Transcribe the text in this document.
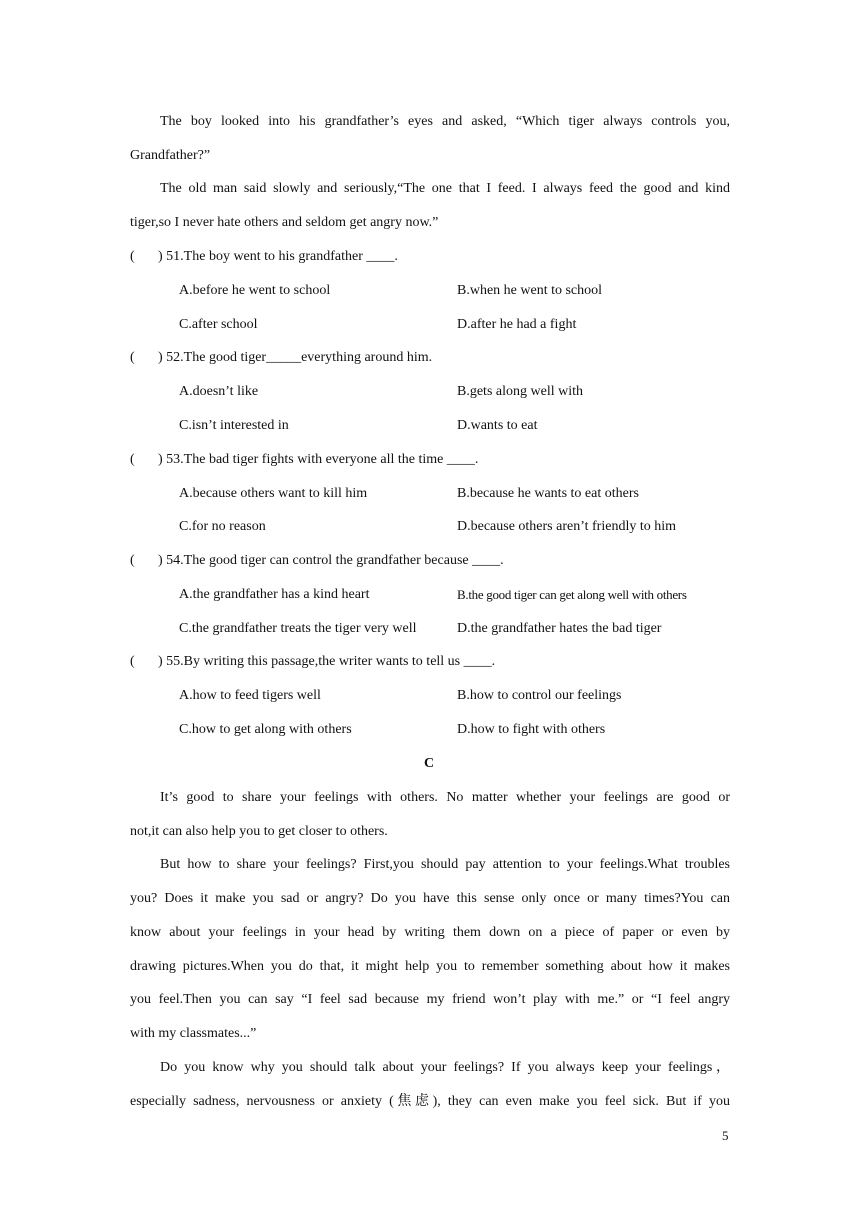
The boy looked into his grandfather’s eyes and asked, “Which tiger always controls you,
Grandfather?”
The old man said slowly and seriously,“The one that I feed. I always feed the good and kind
tiger,so I never hate others and seldom get angry now.”
( ) 51.The boy went to his grandfather ____.
A.before he went to school	B.when he went to school
C.after school	D.after he had a fight
( ) 52.The good tiger_____everything around him.
A.doesn’t like	B.gets along well with
C.isn’t interested in	D.wants to eat
( ) 53.The bad tiger fights with everyone all the time ____.
A.because others want to kill him	B.because he wants to eat others
C.for no reason	D.because others aren’t friendly to him
( ) 54.The good tiger can control the grandfather because ____.
A.the grandfather has a kind heart	B.the good tiger can get along well with others
C.the grandfather treats the tiger very well	D.the grandfather hates the bad tiger
( ) 55.By writing this passage,the writer wants to tell us ____.
A.how to feed tigers well	B.how to control our feelings
C.how to get along with others	D.how to fight with others
C
It’s good to share your feelings with others. No matter whether your feelings are good or
not,it can also help you to get closer to others.
But how to share your feelings? First,you should pay attention to your feelings.What troubles
you? Does it make you sad or angry? Do you have this sense only once or many times?You can
know about your feelings in your head by writing them down on a piece of paper or even by
drawing pictures.When you do that, it might help you to remember something about how it makes
you feel.Then you can say “I feel sad because my friend won’t play with me.” or “I feel angry
with my classmates...”
Do you know why you should talk about your feelings? If you always keep your feelings，
especially sadness, nervousness or anxiety (焦虑), they can even make you feel sick. But if you
5
